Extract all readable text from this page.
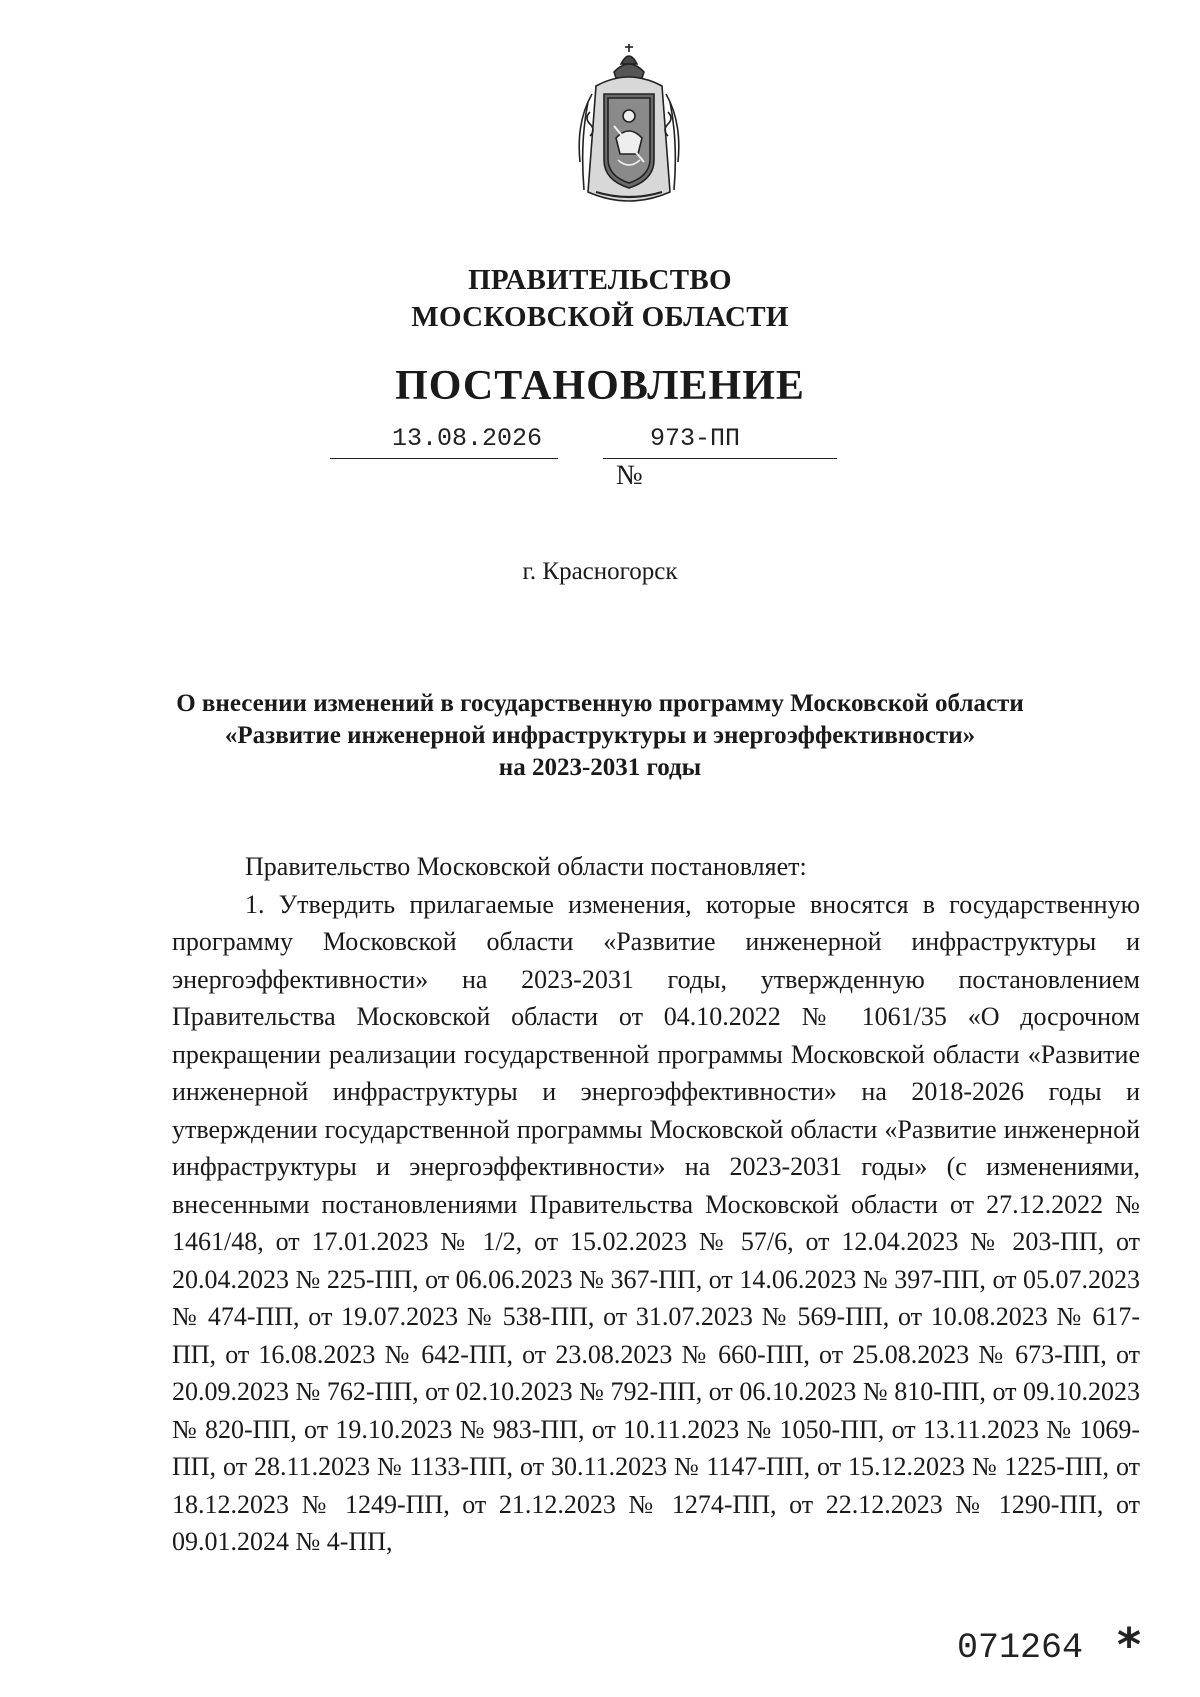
ПРАВИТЕЛЬСТВО
МОСКОВСКОЙ ОБЛАСТИ
ПОСТАНОВЛЕНИЕ
13.08.2026
№
973-ПП
г. Красногорск
О внесении изменений в государственную программу Московской области
«Развитие инженерной инфраструктуры и энергоэффективности»
на 2023-2031 годы

Правительство Московской области постановляет:

1. Утвердить прилагаемые изменения, которые вносятся в государственную программу Московской области «Развитие инженерной инфраструктуры и энергоэффективности» на 2023-2031 годы, утвержденную постановлением Правительства Московской области от 04.10.2022 № 1061/35 «О досрочном прекращении реализации государственной программы Московской области «Развитие инженерной инфраструктуры и энергоэффективности» на 2018-2026 годы и утверждении государственной программы Московской области «Развитие инженерной инфраструктуры и энергоэффективности» на 2023-2031 годы» (с изменениями, внесенными постановлениями Правительства Московской области от 27.12.2022 № 1461/48, от 17.01.2023 № 1/2, от 15.02.2023 № 57/6, от 12.04.2023 № 203-ПП, от 20.04.2023 № 225-ПП, от 06.06.2023 № 367-ПП, от 14.06.2023 № 397-ПП, от 05.07.2023 № 474-ПП, от 19.07.2023 № 538-ПП, от 31.07.2023 № 569-ПП, от 10.08.2023 № 617-ПП, от 16.08.2023 № 642-ПП, от 23.08.2023 № 660-ПП, от 25.08.2023 № 673-ПП, от 20.09.2023 № 762-ПП, от 02.10.2023 № 792-ПП, от 06.10.2023 № 810-ПП, от 09.10.2023 № 820-ПП, от 19.10.2023 № 983-ПП, от 10.11.2023 № 1050-ПП, от 13.11.2023 № 1069-ПП, от 28.11.2023 № 1133-ПП, от 30.11.2023 № 1147-ПП, от 15.12.2023 № 1225-ПП, от 18.12.2023 № 1249-ПП, от 21.12.2023 № 1274-ПП, от 22.12.2023 № 1290-ПП, от 09.01.2024 № 4-ПП,

071264 *
